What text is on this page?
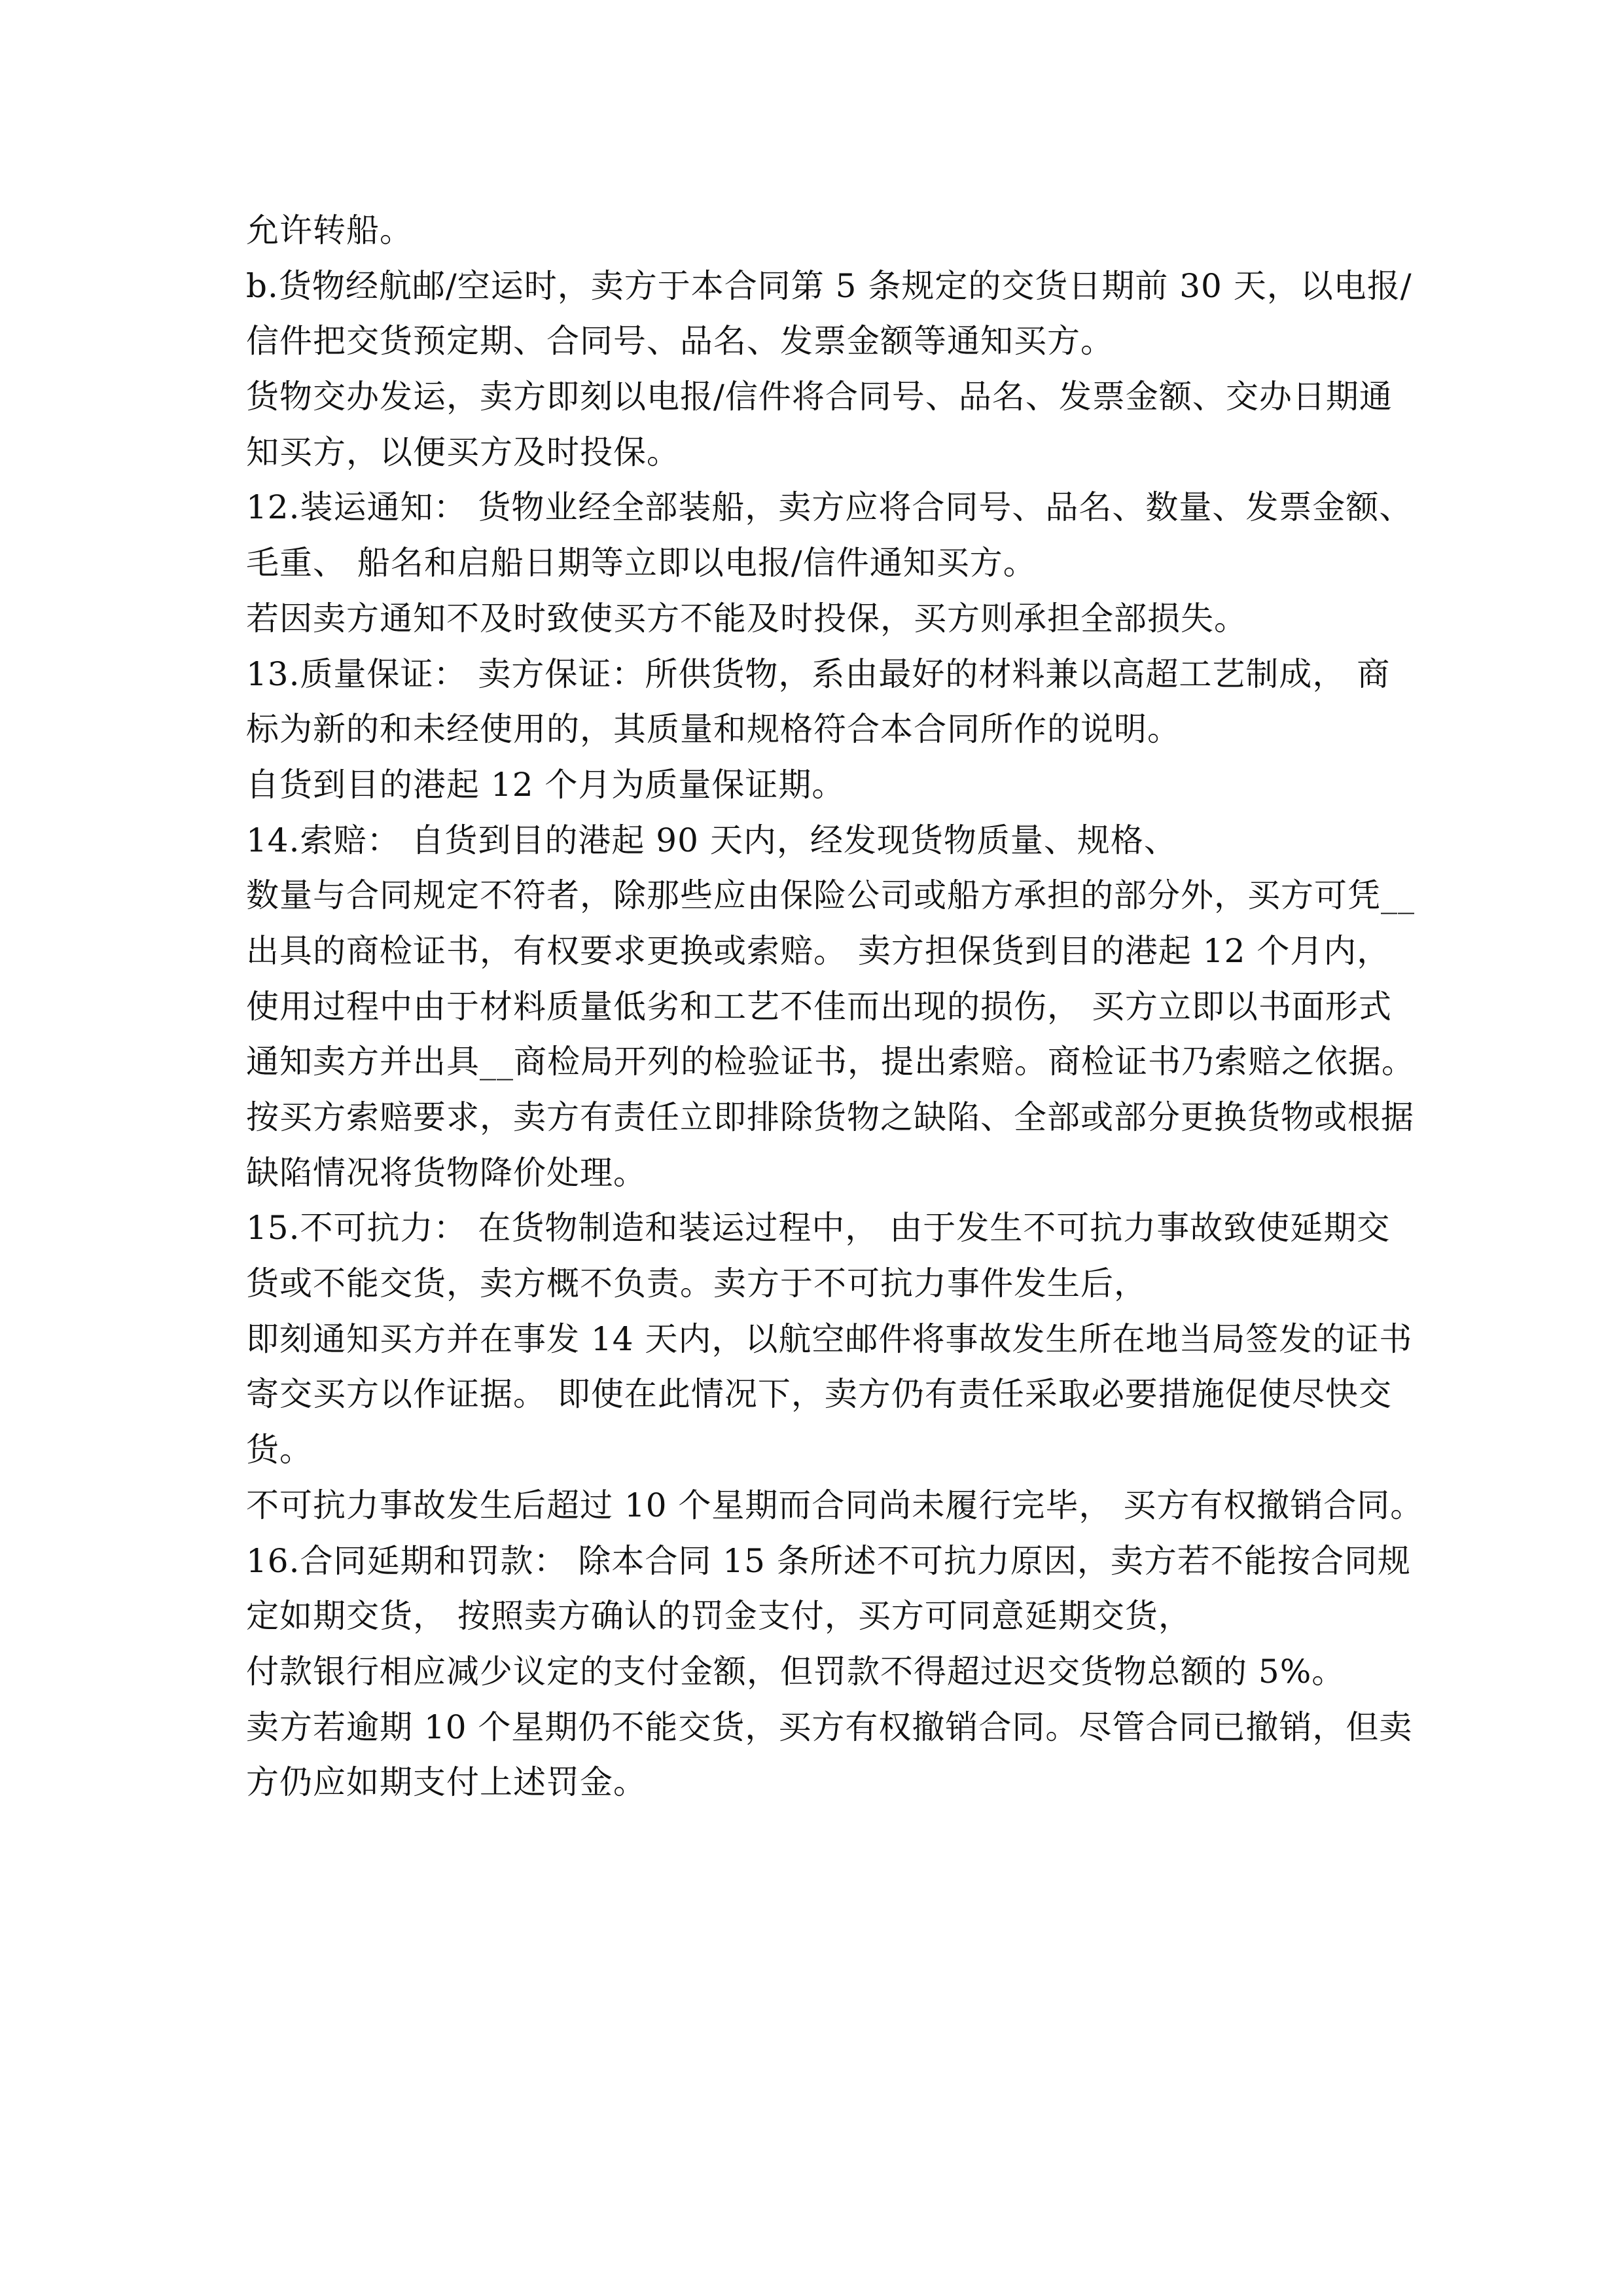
允许转船。
b.货物经航邮/空运时，卖方于本合同第 5 条规定的交货日期前 30 天，以电报/
信件把交货预定期、合同号、品名、发票金额等通知买方。
货物交办发运，卖方即刻以电报/信件将合同号、品名、发票金额、交办日期通
知买方，以便买方及时投保。
12.装运通知： 货物业经全部装船，卖方应将合同号、品名、数量、发票金额、
毛重、 船名和启船日期等立即以电报/信件通知买方。
若因卖方通知不及时致使买方不能及时投保，买方则承担全部损失。
13.质量保证： 卖方保证：所供货物，系由最好的材料兼以高超工艺制成， 商
标为新的和未经使用的，其质量和规格符合本合同所作的说明。
自货到目的港起 12 个月为质量保证期。
14.索赔： 自货到目的港起 90 天内，经发现货物质量、规格、
数量与合同规定不符者，除那些应由保险公司或船方承担的部分外，买方可凭__
出具的商检证书，有权要求更换或索赔。 卖方担保货到目的港起 12 个月内，
使用过程中由于材料质量低劣和工艺不佳而出现的损伤， 买方立即以书面形式
通知卖方并出具__商检局开列的检验证书，提出索赔。商检证书乃索赔之依据。
按买方索赔要求，卖方有责任立即排除货物之缺陷、全部或部分更换货物或根据
缺陷情况将货物降价处理。
15.不可抗力： 在货物制造和装运过程中， 由于发生不可抗力事故致使延期交
货或不能交货，卖方概不负责。卖方于不可抗力事件发生后，
即刻通知买方并在事发 14 天内，以航空邮件将事故发生所在地当局签发的证书
寄交买方以作证据。 即使在此情况下，卖方仍有责任采取必要措施促使尽快交
货。
不可抗力事故发生后超过 10 个星期而合同尚未履行完毕， 买方有权撤销合同。
16.合同延期和罚款： 除本合同 15 条所述不可抗力原因，卖方若不能按合同规
定如期交货， 按照卖方确认的罚金支付，买方可同意延期交货，
付款银行相应减少议定的支付金额，但罚款不得超过迟交货物总额的 5%。
卖方若逾期 10 个星期仍不能交货，买方有权撤销合同。尽管合同已撤销，但卖
方仍应如期支付上述罚金。
